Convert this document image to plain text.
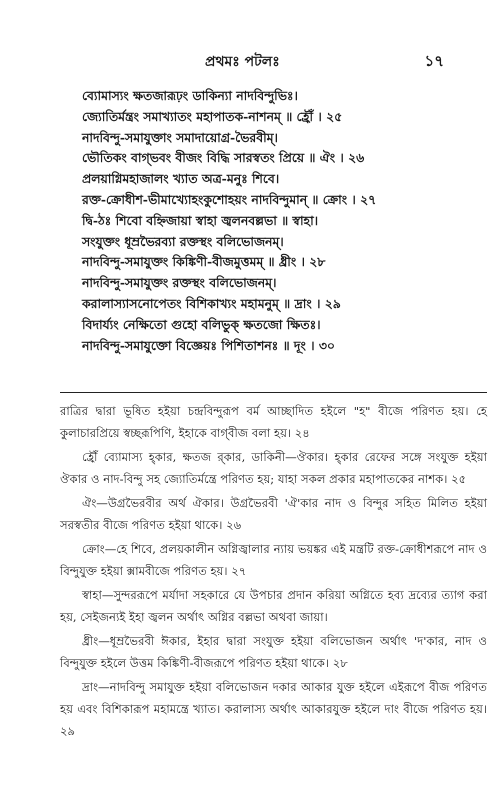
প্রথমঃ পটলঃ	১৭
ব্যোমাস্যং ক্ষতজারূঢ়ং ডাকিন্যা নাদবিন্দুভিঃ।
জ্যোতির্মন্ত্রং সমাখ্যাতং মহাপাতক-নাশনম্‌ ॥ হ্রৌঁ । ২৫
নাদবিন্দু-সমাযুক্তাং সমাদায়োগ্র-ভৈরবীম্‌।
ভৌতিকং বাগ্‌ভবং বীজং বিদ্ধি সারস্বতং প্রিয়ে ॥ ঐং । ২৬
প্রলয়াগ্নিমহাজালং খ্যাত অত্র-মনুঃ শিবে।
রক্ত-ক্রোধীশ-ভীমাখ্যোহংকুশোহয়ং নাদবিন্দুমান্‌ ॥ ক্রোং । ২৭
দ্বি-ঠঃ শিবো বহ্নিজায়া স্বাহা জ্বলনবল্লভা ॥ স্বাহা।
সংযুক্তং ধূম্রভৈরব্যা রক্তস্থং বলিভোজনম্‌।
নাদবিন্দু-সমাযুক্তং কিঙ্কিণী-বীজমুত্তমম্‌ ॥ ধ্রীং । ২৮
নাদবিন্দু-সমাযুক্তং রক্তস্থং বলিভোজনম্‌।
করালাস্যাসনোপেতং বিশিকাখ্যং মহামনুম্‌ ॥ দ্রাং । ২৯
বিদার্য্যং নেক্ষিতো গুহো বলিভুক্‌ ক্ষতজো ক্ষিতঃ।
নাদবিন্দু-সমাযুক্তো বিজ্ঞেয়ঃ পিশিতাশনঃ ॥ দূং । ৩০

রাত্রির দ্বারা ভূষিত হইয়া চন্দ্রবিন্দুরূপ বর্ম আচ্ছাদিত হইলে "হ" বীজে পরিণত হয়। হে কুলাচারপ্রিয়ে স্বচ্ছরূপিণি, ইহাকে বাগ্‌বীজ বলা হয়। ২৪

হ্রৌঁ ব্যোমাস্য হ্‌কার, ক্ষতজ র্‌কার, ডাকিনী—ঔকার। হ্‌কার রেফের সঙ্গে সংযুক্ত হইয়া ঔকার ও নাদ-বিন্দু সহ জ্যোতির্মন্ত্রে পরিণত হয়; যাহা সকল প্রকার মহাপাতকের নাশক। ২৫

ঐং—উগ্রভৈরবীর অর্থ ঐকার। উগ্রভৈরবী 'ঐ'কার নাদ ও বিন্দুর সহিত মিলিত হইয়া সরস্বতীর বীজে পরিণত হইয়া থাকে। ২৬

ক্রোং—হে শিবে, প্রলয়কালীন অগ্নিজ্বালার ন্যায় ভয়ঙ্কর এই মন্ত্রটি রক্ত-ক্রোধীশরূপে নাদ ও বিন্দুযুক্ত হইয়া ক্সামবীজে পরিণত হয়। ২৭

স্বাহা—সুন্দররূপে মর্যাদা সহকারে যে উপচার প্রদান করিয়া অগ্নিতে হব্য দ্রব্যের ত্যাগ করা হয়, সেইজন্যই ইহা জ্বলন অর্থাৎ অগ্নির বল্লভা অথবা জায়া।

ধ্রীং—ধূম্রভৈরবী ঈকার, ইহার দ্বারা সংযুক্ত হইয়া বলিভোজন অর্থাৎ 'দ'কার, নাদ ও বিন্দুযুক্ত হইলে উত্তম কিঙ্কিণী-বীজরূপে পরিণত হইয়া থাকে। ২৮

দ্রাং—নাদবিন্দু সমাযুক্ত হইয়া বলিভোজন দকার আকার যুক্ত হইলে এইরূপে বীজ পরিণত হয় এবং বিশিকারূপ মহামন্ত্রে খ্যাত। করালাস্য অর্থাৎ আকারযুক্ত হইলে দাং বীজে পরিণত হয়। ২৯
